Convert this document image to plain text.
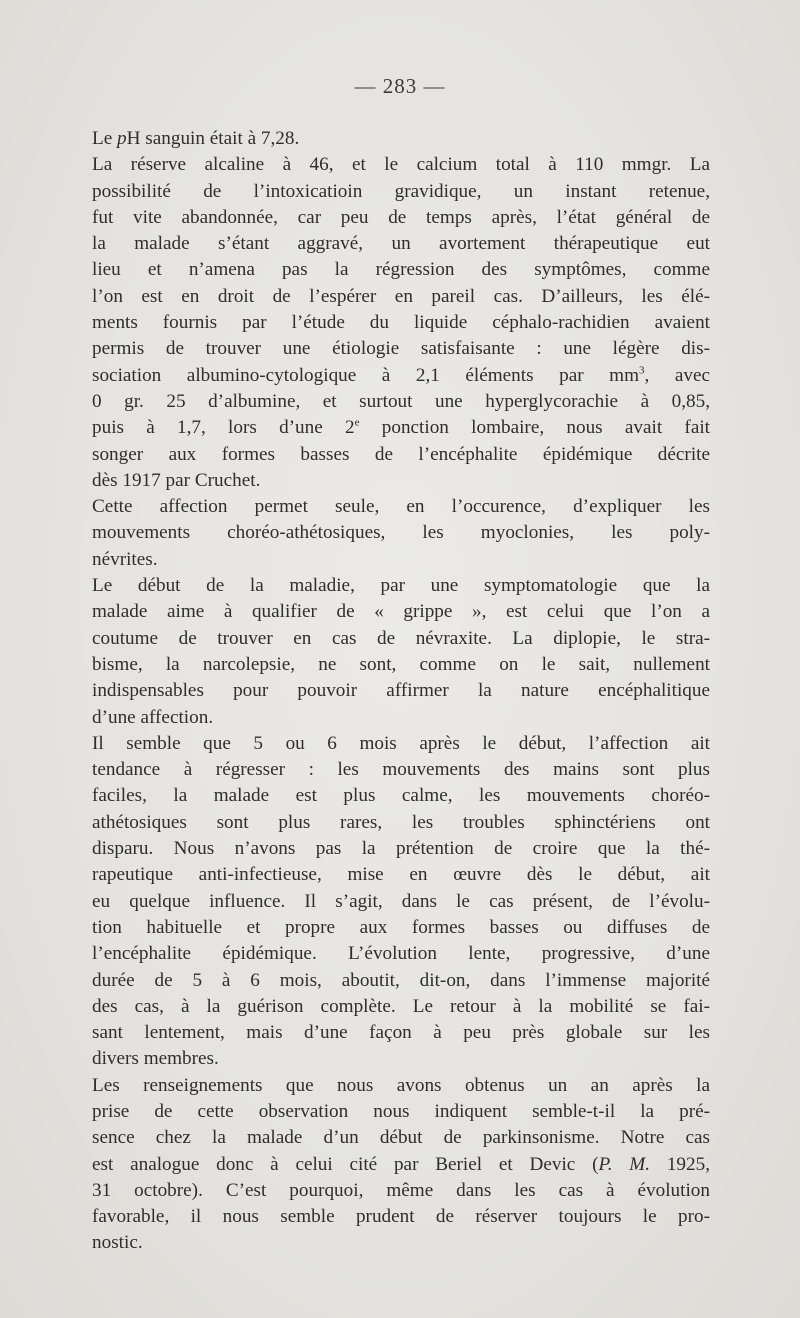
— 283 —

Le pH sanguin était à 7,28.

La réserve alcaline à 46, et le calcium total à 110 mmgr. La
possibilité de l’intoxicatioin gravidique, un instant retenue,
fut vite abandonnée, car peu de temps après, l’état général de
la malade s’étant aggravé, un avortement thérapeutique eut
lieu et n’amena pas la régression des symptômes, comme
l’on est en droit de l’espérer en pareil cas. D’ailleurs, les élé-
ments fournis par l’étude du liquide céphalo-rachidien avaient
permis de trouver une étiologie satisfaisante : une légère dis-
sociation albumino-cytologique à 2,1 éléments par $mm^3$, avec
0 gr. 25 d’albumine, et surtout une hyperglycorachie à 0,85,
puis à 1,7, lors d’une 2e ponction lombaire, nous avait fait
songer aux formes basses de l’encéphalite épidémique décrite
dès 1917 par Cruchet.

Cette affection permet seule, en l’occurence, d’expliquer les
mouvements choréo-athétosiques, les myoclonies, les poly-
névrites.

Le début de la maladie, par une symptomatologie que la
malade aime à qualifier de « grippe », est celui que l’on a
coutume de trouver en cas de névraxite. La diplopie, le stra-
bisme, la narcolepsie, ne sont, comme on le sait, nullement
indispensables pour pouvoir affirmer la nature encéphalitique
d’une affection.

Il semble que 5 ou 6 mois après le début, l’affection ait
tendance à régresser : les mouvements des mains sont plus
faciles, la malade est plus calme, les mouvements choréo-
athétosiques sont plus rares, les troubles sphinctériens ont
disparu. Nous n’avons pas la prétention de croire que la thé-
rapeutique anti-infectieuse, mise en œuvre dès le début, ait
eu quelque influence. Il s’agit, dans le cas présent, de l’évolu-
tion habituelle et propre aux formes basses ou diffuses de
l’encéphalite épidémique. L’évolution lente, progressive, d’une
durée de 5 à 6 mois, aboutit, dit-on, dans l’immense majorité
des cas, à la guérison complète. Le retour à la mobilité se fai-
sant lentement, mais d’une façon à peu près globale sur les
divers membres.

Les renseignements que nous avons obtenus un an après la
prise de cette observation nous indiquent semble-t-il la pré-
sence chez la malade d’un début de parkinsonisme. Notre cas
est analogue donc à celui cité par Beriel et Devic (P. M. 1925,
31 octobre). C’est pourquoi, même dans les cas à évolution
favorable, il nous semble prudent de réserver toujours le pro-
nostic.
